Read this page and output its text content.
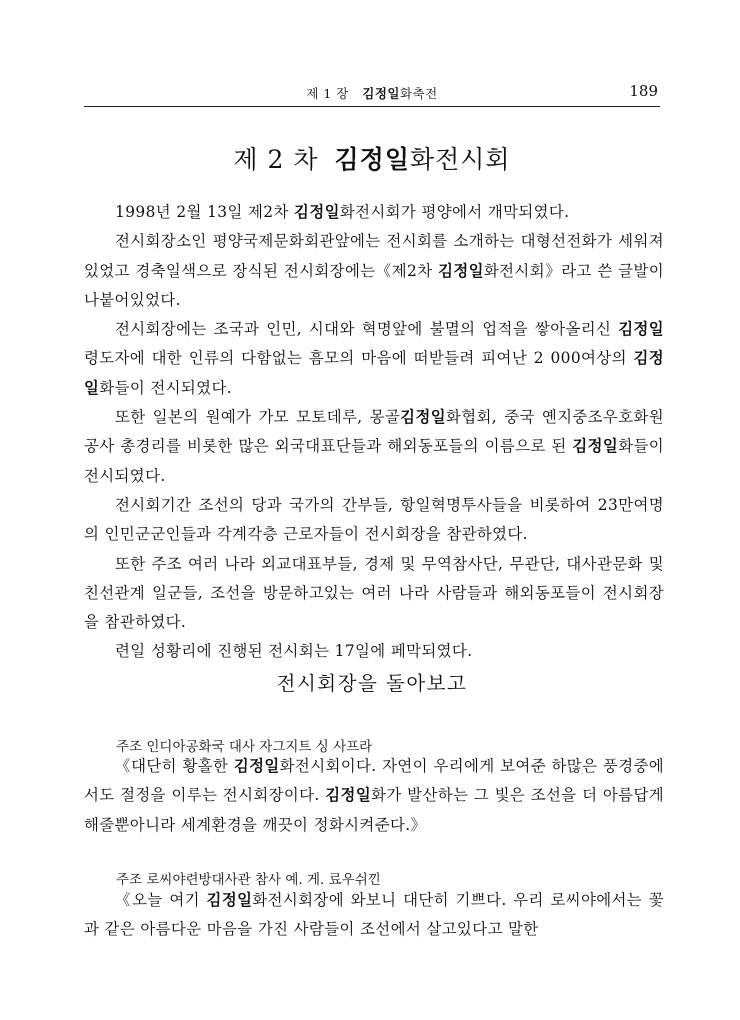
제 1 장 김정일화축전	189
제 2 차 김정일화전시회

1998년 2월 13일 제2차 김정일화전시회가 평양에서 개막되였다.

전시회장소인 평양국제문화회관앞에는 전시회를 소개하는 대형선전화가 세워져있었고 경축일색으로 장식된 전시회장에는《제2차 김정일화전시회》라고 쓴 글발이 나붙어있었다.

전시회장에는 조국과 인민, 시대와 혁명앞에 불멸의 업적을 쌓아올리신 김정일령도자에 대한 인류의 다함없는 흠모의 마음에 떠받들려 피여난 2 000여상의 김정일화들이 전시되였다.

또한 일본의 원예가 가모 모토데루, 몽골김정일화협회, 중국 옌지중조우호화원공사 총경리를 비롯한 많은 외국대표단들과 해외동포들의 이름으로 된 김정일화들이 전시되였다.

전시회기간 조선의 당과 국가의 간부들, 항일혁명투사들을 비롯하여 23만여명의 인민군군인들과 각계각층 근로자들이 전시회장을 참관하였다.

또한 주조 여러 나라 외교대표부들, 경제 및 무역참사단, 무관단, 대사관문화 및 친선관계 일군들, 조선을 방문하고있는 여러 나라 사람들과 해외동포들이 전시회장을 참관하였다.

련일 성황리에 진행된 전시회는 17일에 페막되였다.

전시회장을 돌아보고
주조 인디아공화국 대사 자그지트 싱 사프라

《대단히 황홀한 김정일화전시회이다. 자연이 우리에게 보여준 하많은 풍경중에서도 절정을 이루는 전시회장이다. 김정일화가 발산하는 그 빛은 조선을 더 아름답게 해줄뿐아니라 세계환경을 깨끗이 정화시켜준다.》

주조 로씨야련방대사관 참사 예. 게. 료우쉬낀

《오늘 여기 김정일화전시회장에 와보니 대단히 기쁘다. 우리 로씨야에서는 꽃과 같은 아름다운 마음을 가진 사람들이 조선에서 살고있다고 말한
